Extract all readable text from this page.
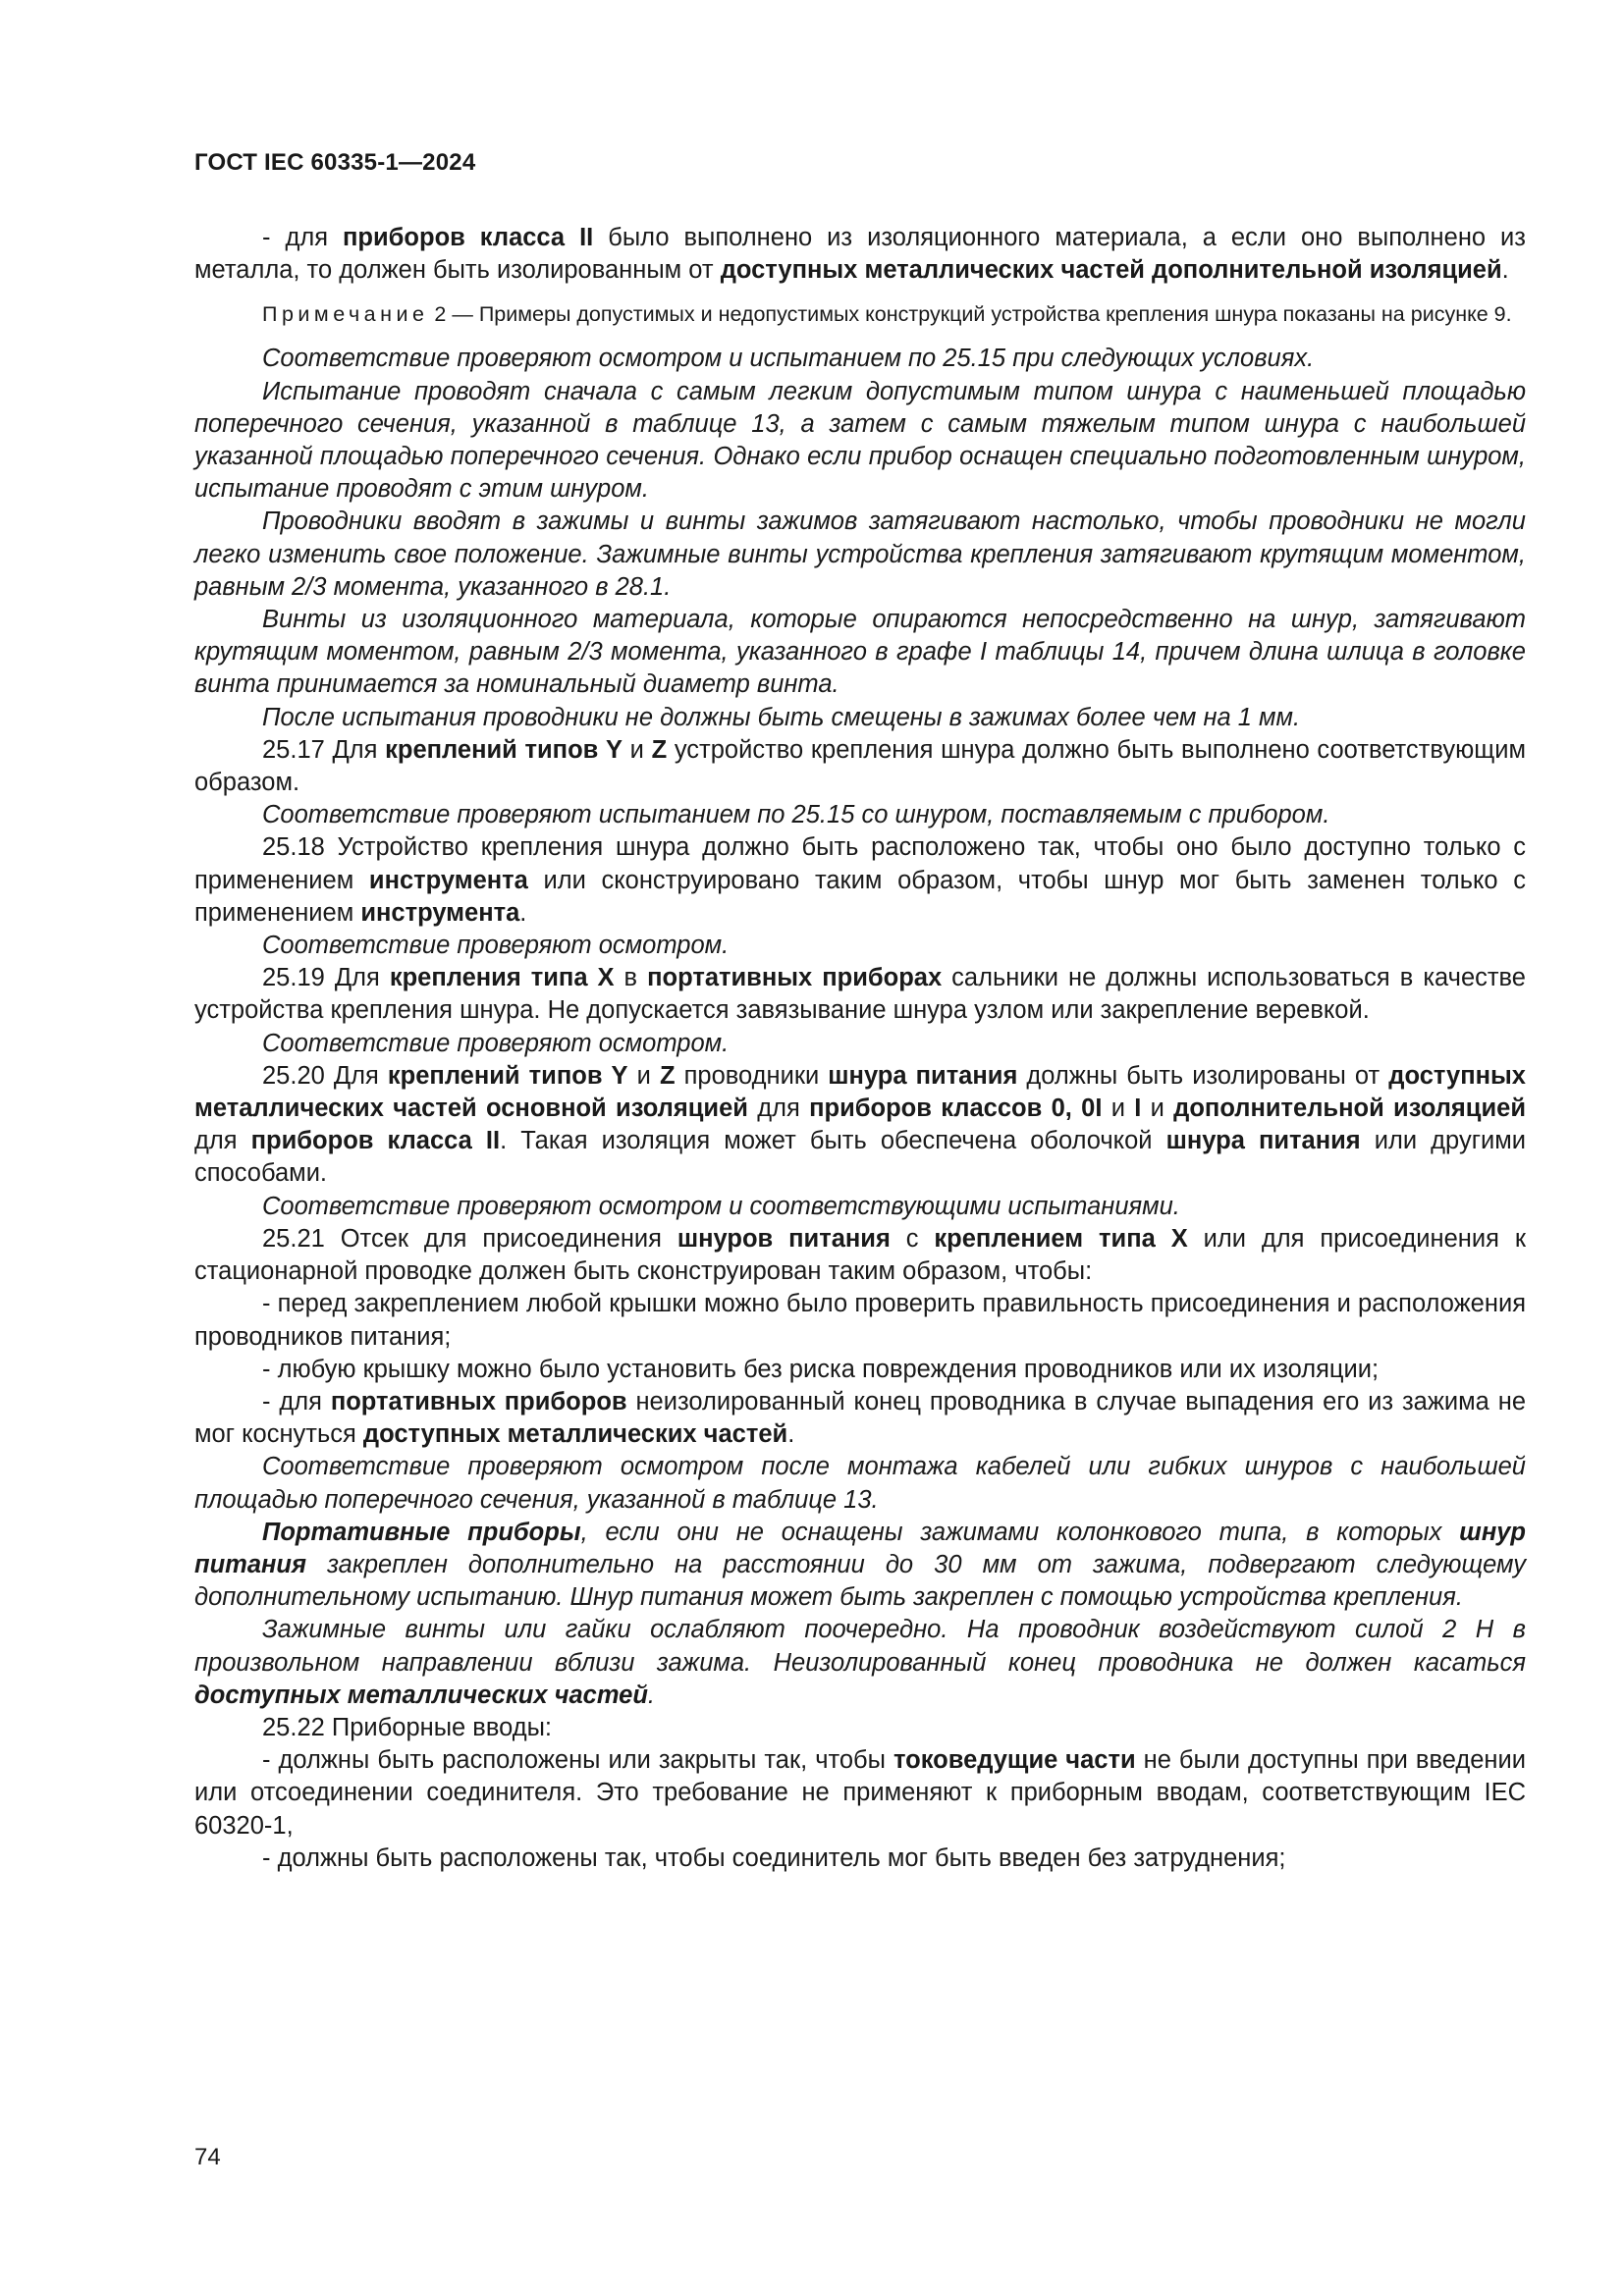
ГОСТ IEC 60335-1—2024

- для приборов класса II было выполнено из изоляционного материала, а если оно выполнено из металла, то должен быть изолированным от доступных металлических частей дополнительной изоляцией.

Примечание 2 — Примеры допустимых и недопустимых конструкций устройства крепления шнура показаны на рисунке 9.

Соответствие проверяют осмотром и испытанием по 25.15 при следующих условиях.

Испытание проводят сначала с самым легким допустимым типом шнура с наименьшей площадью поперечного сечения, указанной в таблице 13, а затем с самым тяжелым типом шнура с наибольшей указанной площадью поперечного сечения. Однако если прибор оснащен специально подготовленным шнуром, испытание проводят с этим шнуром.

Проводники вводят в зажимы и винты зажимов затягивают настолько, чтобы проводники не могли легко изменить свое положение. Зажимные винты устройства крепления затягивают крутящим моментом, равным 2/3 момента, указанного в 28.1.

Винты из изоляционного материала, которые опираются непосредственно на шнур, затягивают крутящим моментом, равным 2/3 момента, указанного в графе I таблицы 14, причем длина шлица в головке винта принимается за номинальный диаметр винта.

После испытания проводники не должны быть смещены в зажимах более чем на 1 мм.

25.17 Для креплений типов Y и Z устройство крепления шнура должно быть выполнено соответствующим образом.

Соответствие проверяют испытанием по 25.15 со шнуром, поставляемым с прибором.

25.18 Устройство крепления шнура должно быть расположено так, чтобы оно было доступно только с применением инструмента или сконструировано таким образом, чтобы шнур мог быть заменен только с применением инструмента.

Соответствие проверяют осмотром.

25.19 Для крепления типа X в портативных приборах сальники не должны использоваться в качестве устройства крепления шнура. Не допускается завязывание шнура узлом или закрепление веревкой.

Соответствие проверяют осмотром.

25.20 Для креплений типов Y и Z проводники шнура питания должны быть изолированы от доступных металлических частей основной изоляцией для приборов классов 0, 0I и I и дополнительной изоляцией для приборов класса II. Такая изоляция может быть обеспечена оболочкой шнура питания или другими способами.

Соответствие проверяют осмотром и соответствующими испытаниями.

25.21 Отсек для присоединения шнуров питания с креплением типа X или для присоединения к стационарной проводке должен быть сконструирован таким образом, чтобы:

- перед закреплением любой крышки можно было проверить правильность присоединения и расположения проводников питания;

- любую крышку можно было установить без риска повреждения проводников или их изоляции;

- для портативных приборов неизолированный конец проводника в случае выпадения его из зажима не мог коснуться доступных металлических частей.

Соответствие проверяют осмотром после монтажа кабелей или гибких шнуров с наибольшей площадью поперечного сечения, указанной в таблице 13.

Портативные приборы, если они не оснащены зажимами колонкового типа, в которых шнур питания закреплен дополнительно на расстоянии до 30 мм от зажима, подвергают следующему дополнительному испытанию. Шнур питания может быть закреплен с помощью устройства крепления.

Зажимные винты или гайки ослабляют поочередно. На проводник воздействуют силой 2 Н в произвольном направлении вблизи зажима. Неизолированный конец проводника не должен касаться доступных металлических частей.

25.22 Приборные вводы:

- должны быть расположены или закрыты так, чтобы токоведущие части не были доступны при введении или отсоединении соединителя. Это требование не применяют к приборным вводам, соответствующим IEC 60320-1,

- должны быть расположены так, чтобы соединитель мог быть введен без затруднения;

74
